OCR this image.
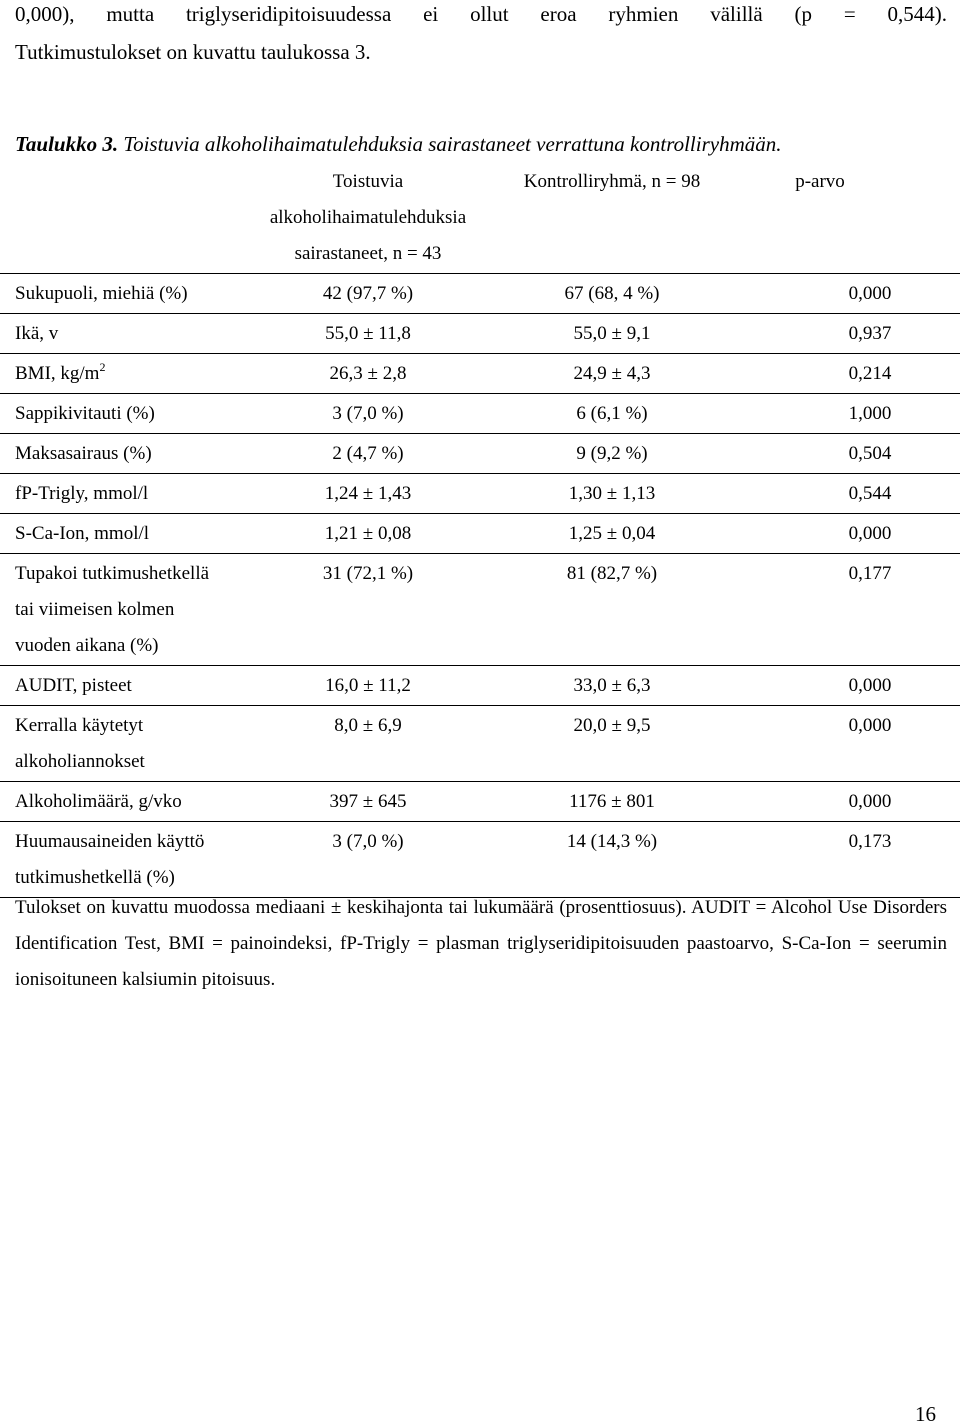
0,000), mutta triglyseridipitoisuudessa ei ollut eroa ryhmien välillä (p = 0,544).
Tutkimustulokset on kuvattu taulukossa 3.
Taulukko 3. Toistuvia alkoholihaimatulehduksia sairastaneet verrattuna kontrolliryhmään.
Toistuvia
alkoholihaimatulehduksia
sairastaneet, n = 43
Kontrolliryhmä, n = 98	p-arvo
Sukupuoli, miehiä (%)	42 (97,7 %)	67 (68, 4 %)	0,000
Ikä, v	55,0 ± 11,8	55,0 ± 9,1	0,937
BMI, $kg/m^2$	26,3 ± 2,8	24,9 ± 4,3	0,214
Sappikivitauti (%)	3 (7,0 %)	6 (6,1 %)	1,000
Maksasairaus (%)	2 (4,7 %)	9 (9,2 %)	0,504
fP-Trigly, mmol/l	1,24 ± 1,43	1,30 ± 1,13	0,544
S-Ca-Ion, mmol/l	1,21 ± 0,08	1,25 ± 0,04	0,000
Tupakoi tutkimushetkellä
tai viimeisen kolmen
vuoden aikana (%)
31 (72,1 %)	81 (82,7 %)	0,177
AUDIT, pisteet	16,0 ± 11,2	33,0 ± 6,3	0,000
Kerralla käytetyt
alkoholiannokset
8,0 ± 6,9	20,0 ± 9,5	0,000
Alkoholimäärä, g/vko	397 ± 645	1176 ± 801	0,000
Huumausaineiden käyttö
tutkimushetkellä (%)
3 (7,0 %)	14 (14,3 %)	0,173
Tulokset on kuvattu muodossa mediaani ± keskihajonta tai lukumäärä (prosenttiosuus). AUDIT = Alcohol Use Disorders Identification Test, BMI = painoindeksi, fP-Trigly = plasman triglyseridipitoisuuden paastoarvo, S-Ca-Ion = seerumin ionisoituneen kalsiumin pitoisuus.
16
